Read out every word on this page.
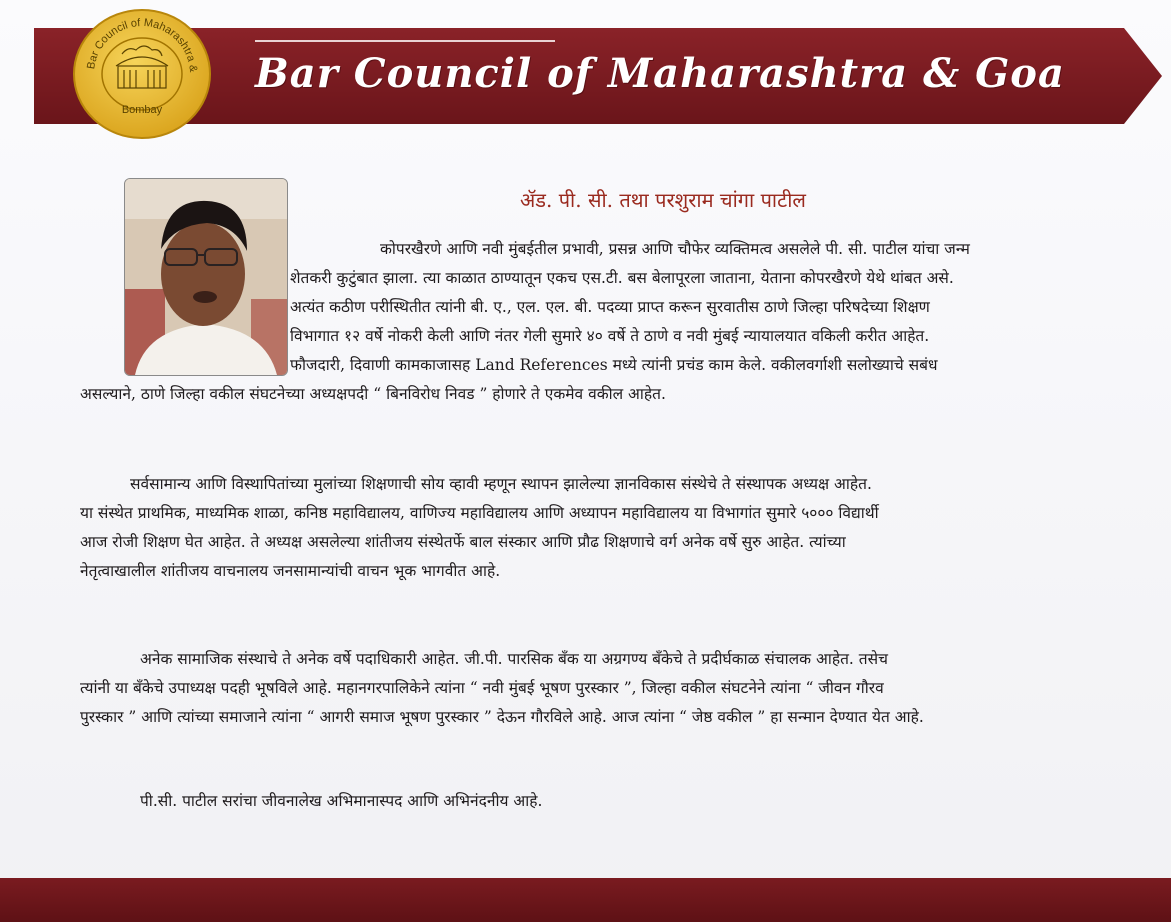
Bar Council of Maharashtra & Goa
Bar Council of Maharashtra &
Bombay
ॲड. पी. सी. तथा परशुराम चांगा पाटील
कोपरखैरणे आणि नवी मुंबईतील प्रभावी, प्रसन्न आणि चौफेर व्यक्तिमत्व असलेले पी. सी. पाटील यांचा जन्म
शेतकरी कुटुंबात झाला. त्या काळात ठाण्यातून एकच एस.टी. बस बेलापूरला जाताना, येताना कोपरखैरणे येथे थांबत असे.
अत्यंत कठीण परीस्थितीत त्यांनी बी. ए., एल. एल. बी. पदव्या प्राप्त करून सुरवातीस ठाणे जिल्हा परिषदेच्या शिक्षण
विभागात १२ वर्षे नोकरी केली आणि नंतर गेली सुमारे ४० वर्षे ते ठाणे व नवी मुंबई न्यायालयात वकिली करीत आहेत.
फौजदारी, दिवाणी कामकाजासह Land References मध्ये त्यांनी प्रचंड काम केले. वकीलवर्गाशी सलोख्याचे सबंध
असल्याने, ठाणे जिल्हा वकील संघटनेच्या अध्यक्षपदी “ बिनविरोध निवड ” होणारे ते एकमेव वकील आहेत.
सर्वसामान्य आणि विस्थापितांच्या मुलांच्या शिक्षणाची सोय व्हावी म्हणून स्थापन झालेल्या ज्ञानविकास संस्थेचे ते संस्थापक अध्यक्ष आहेत.
या संस्थेत प्राथमिक, माध्यमिक शाळा, कनिष्ठ महाविद्यालय, वाणिज्य महाविद्यालय आणि अध्यापन महाविद्यालय या विभागांत सुमारे ५००० विद्यार्थी
आज रोजी शिक्षण घेत आहेत. ते अध्यक्ष असलेल्या शांतीजय संस्थेतर्फे बाल संस्कार आणि प्रौढ शिक्षणाचे वर्ग अनेक वर्षे सुरु आहेत. त्यांच्या
नेतृत्वाखालील शांतीजय वाचनालय जनसामान्यांची वाचन भूक भागवीत आहे.
अनेक सामाजिक संस्थाचे ते अनेक वर्षे पदाधिकारी आहेत. जी.पी. पारसिक बँक या अग्रगण्य बँकेचे ते प्रदीर्घकाळ संचालक आहेत. तसेच
त्यांनी या बँकेचे उपाध्यक्ष पदही भूषविले आहे. महानगरपालिकेने त्यांना “ नवी मुंबई भूषण पुरस्कार ”, जिल्हा वकील संघटनेने त्यांना “ जीवन गौरव
पुरस्कार ” आणि त्यांच्या समाजाने त्यांना “ आगरी समाज भूषण पुरस्कार ” देऊन गौरविले आहे. आज त्यांना “ जेष्ठ वकील ” हा सन्मान देण्यात येत आहे.
पी.सी. पाटील सरांचा जीवनालेख अभिमानास्पद आणि अभिनंदनीय आहे.
